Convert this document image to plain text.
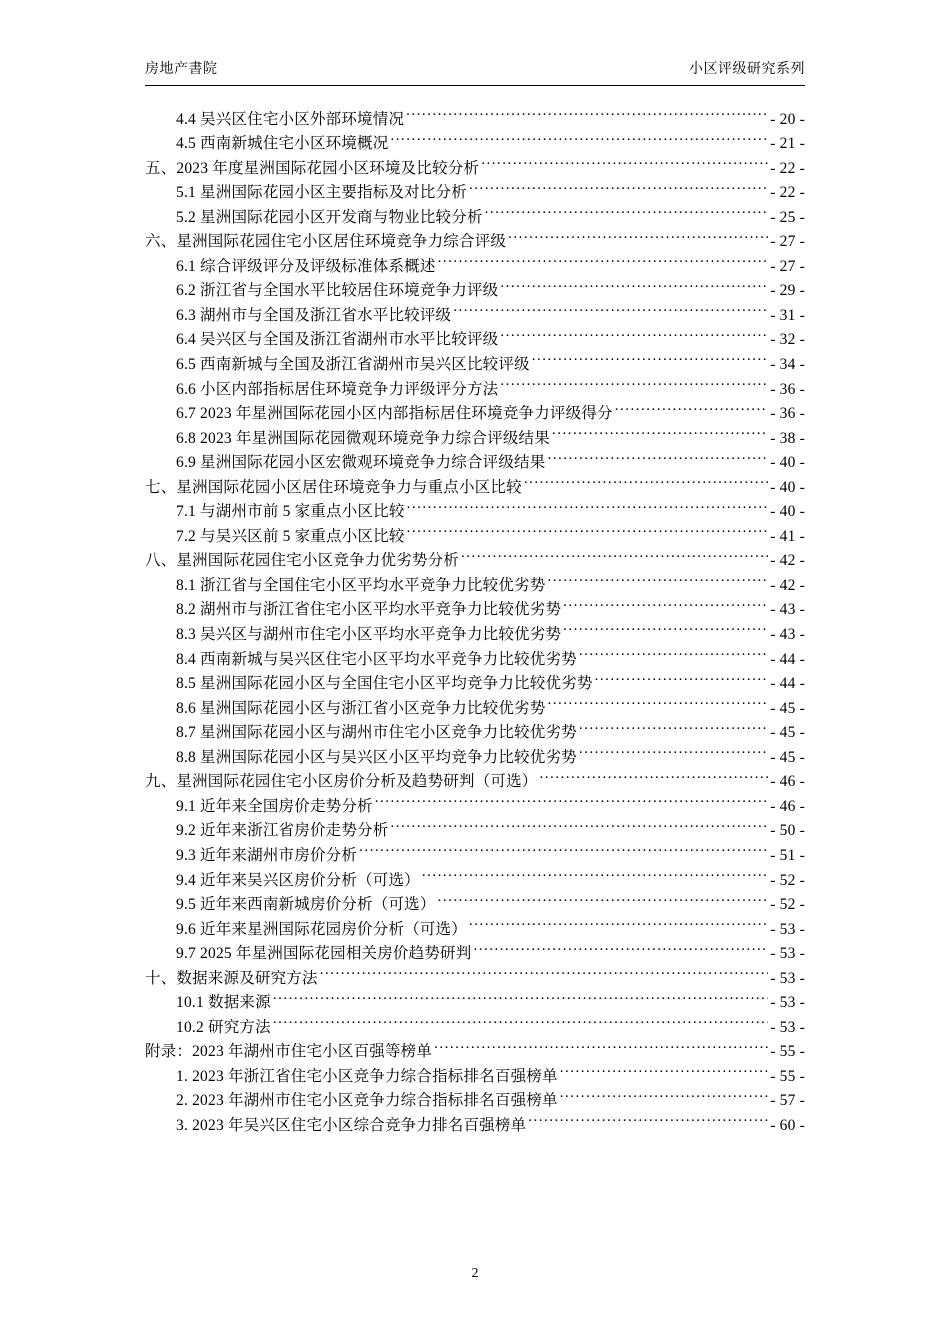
房地产書院	小区评级研究系列
4.4 吴兴区住宅小区外部环境情况 .....	- 20 -
4.5 西南新城住宅小区环境概况 .....	- 21 -
五、2023 年度星洲国际花园小区环境及比较分析 .....	- 22 -
5.1 星洲国际花园小区主要指标及对比分析 .....	- 22 -
5.2 星洲国际花园小区开发商与物业比较分析 .....	- 25 -
六、星洲国际花园住宅小区居住环境竞争力综合评级 .....	- 27 -
6.1 综合评级评分及评级标准体系概述 .....	- 27 -
6.2 浙江省与全国水平比较居住环境竞争力评级 .....	- 29 -
6.3 湖州市与全国及浙江省水平比较评级 .....	- 31 -
6.4 吴兴区与全国及浙江省湖州市水平比较评级 .....	- 32 -
6.5 西南新城与全国及浙江省湖州市吴兴区比较评级 .....	- 34 -
6.6 小区内部指标居住环境竞争力评级评分方法 .....	- 36 -
6.7 2023 年星洲国际花园小区内部指标居住环境竞争力评级得分 .....	- 36 -
6.8 2023 年星洲国际花园微观环境竞争力综合评级结果 .....	- 38 -
6.9 星洲国际花园小区宏微观环境竞争力综合评级结果 .....	- 40 -
七、星洲国际花园小区居住环境竞争力与重点小区比较 .....	- 40 -
7.1 与湖州市前 5 家重点小区比较 .....	- 40 -
7.2 与吴兴区前 5 家重点小区比较 .....	- 41 -
八、星洲国际花园住宅小区竞争力优劣势分析 .....	- 42 -
8.1 浙江省与全国住宅小区平均水平竞争力比较优劣势 .....	- 42 -
8.2 湖州市与浙江省住宅小区平均水平竞争力比较优劣势 .....	- 43 -
8.3 吴兴区与湖州市住宅小区平均水平竞争力比较优劣势 .....	- 43 -
8.4 西南新城与吴兴区住宅小区平均水平竞争力比较优劣势 .....	- 44 -
8.5 星洲国际花园小区与全国住宅小区平均竞争力比较优劣势 .....	- 44 -
8.6 星洲国际花园小区与浙江省小区竞争力比较优劣势 .....	- 45 -
8.7 星洲国际花园小区与湖州市住宅小区竞争力比较优劣势 .....	- 45 -
8.8 星洲国际花园小区与吴兴区小区平均竞争力比较优劣势 .....	- 45 -
九、星洲国际花园住宅小区房价分析及趋势研判（可选） .....	- 46 -
9.1 近年来全国房价走势分析 .....	- 46 -
9.2 近年来浙江省房价走势分析 .....	- 50 -
9.3 近年来湖州市房价分析 .....	- 51 -
9.4 近年来吴兴区房价分析（可选） .....	- 52 -
9.5 近年来西南新城房价分析（可选） .....	- 52 -
9.6 近年来星洲国际花园房价分析（可选） .....	- 53 -
9.7 2025 年星洲国际花园相关房价趋势研判 .....	- 53 -
十、数据来源及研究方法 .....	- 53 -
10.1 数据来源 .....	- 53 -
10.2 研究方法 .....	- 53 -
附录：2023 年湖州市住宅小区百强等榜单 .....	- 55 -
1. 2023 年浙江省住宅小区竞争力综合指标排名百强榜单 .....	- 55 -
2. 2023 年湖州市住宅小区竞争力综合指标排名百强榜单 .....	- 57 -
3. 2023 年吴兴区住宅小区综合竞争力排名百强榜单 .....	- 60 -
2
